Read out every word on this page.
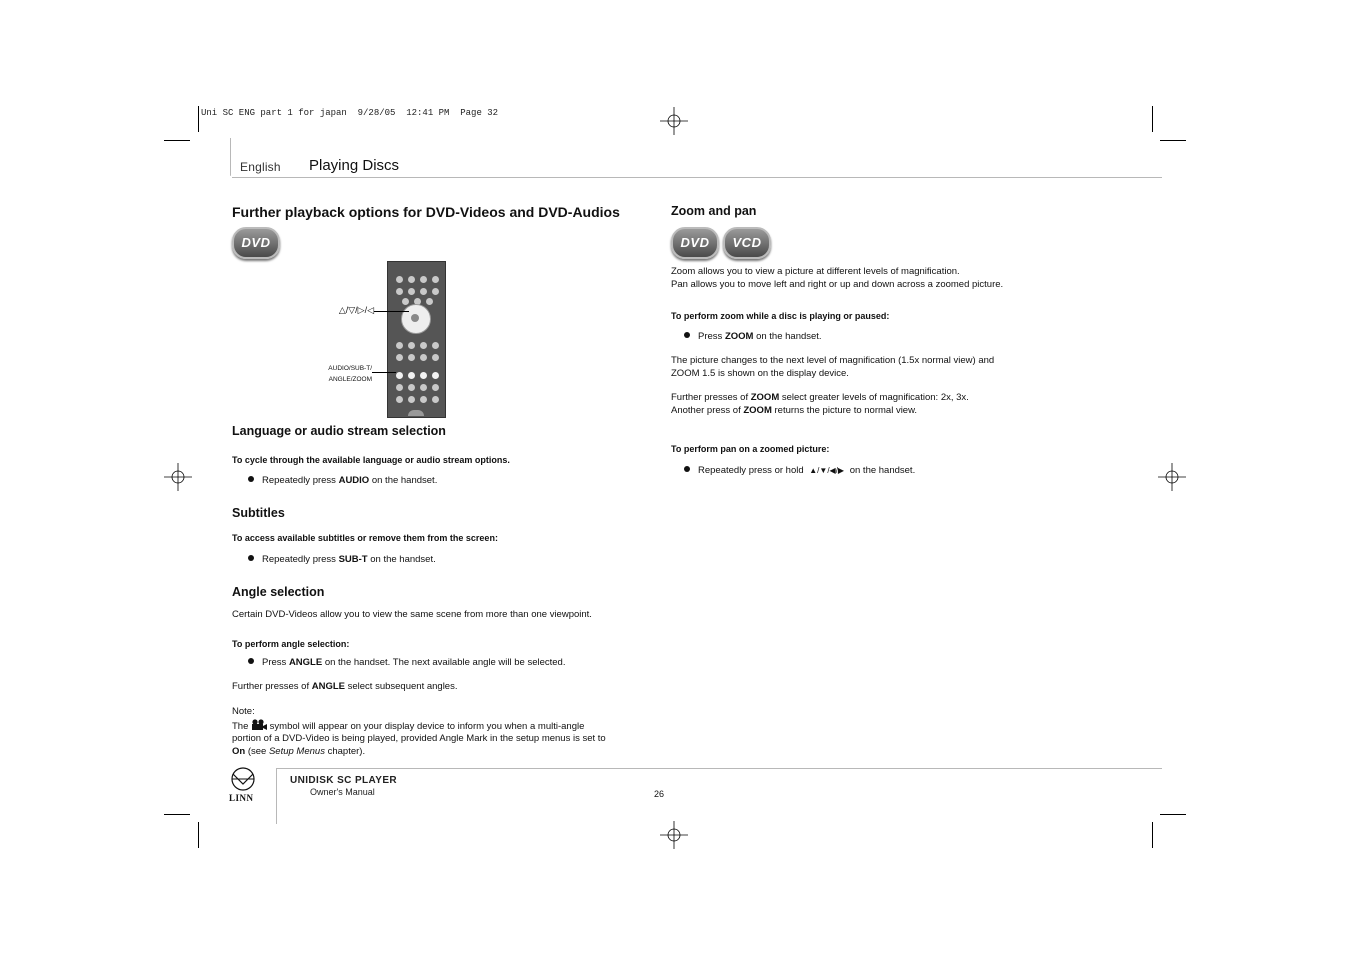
Uni SC ENG part 1 for japan  9/28/05  12:41 PM  Page 32
English Playing Discs
Further playback options for DVD-Videos and DVD-Audios
DVD
△/▽/▷/◁
AUDIO/SUB-T/
ANGLE/ZOOM
Language or audio stream selection
To cycle through the available language or audio stream options.
Repeatedly press AUDIO on the handset.
Subtitles
To access available subtitles or remove them from the screen:
Repeatedly press SUB-T on the handset.
Angle selection
Certain DVD-Videos allow you to view the same scene from more than one viewpoint.
To perform angle selection:
Press ANGLE on the handset. The next available angle will be selected.
Further presses of ANGLE select subsequent angles.
Note:
The  symbol will appear on your display device to inform you when a multi-angle
portion of a DVD-Video is being played, provided Angle Mark in the setup menus is set to
On (see Setup Menus chapter).
Zoom and pan
DVD	VCD
Zoom allows you to view a picture at different levels of magnification.
Pan allows you to move left and right or up and down across a zoomed picture.
To perform zoom while a disc is playing or paused:
Press ZOOM on the handset.
The picture changes to the next level of magnification (1.5x normal view) and
ZOOM 1.5 is shown on the display device.
Further presses of ZOOM select greater levels of magnification: 2x, 3x.
Another press of ZOOM returns the picture to normal view.
To perform pan on a zoomed picture:
Repeatedly press or hold ▲/▼/◀/▶ on the handset.
LINN
UNIDISK SC PLAYER
Owner's Manual	26
